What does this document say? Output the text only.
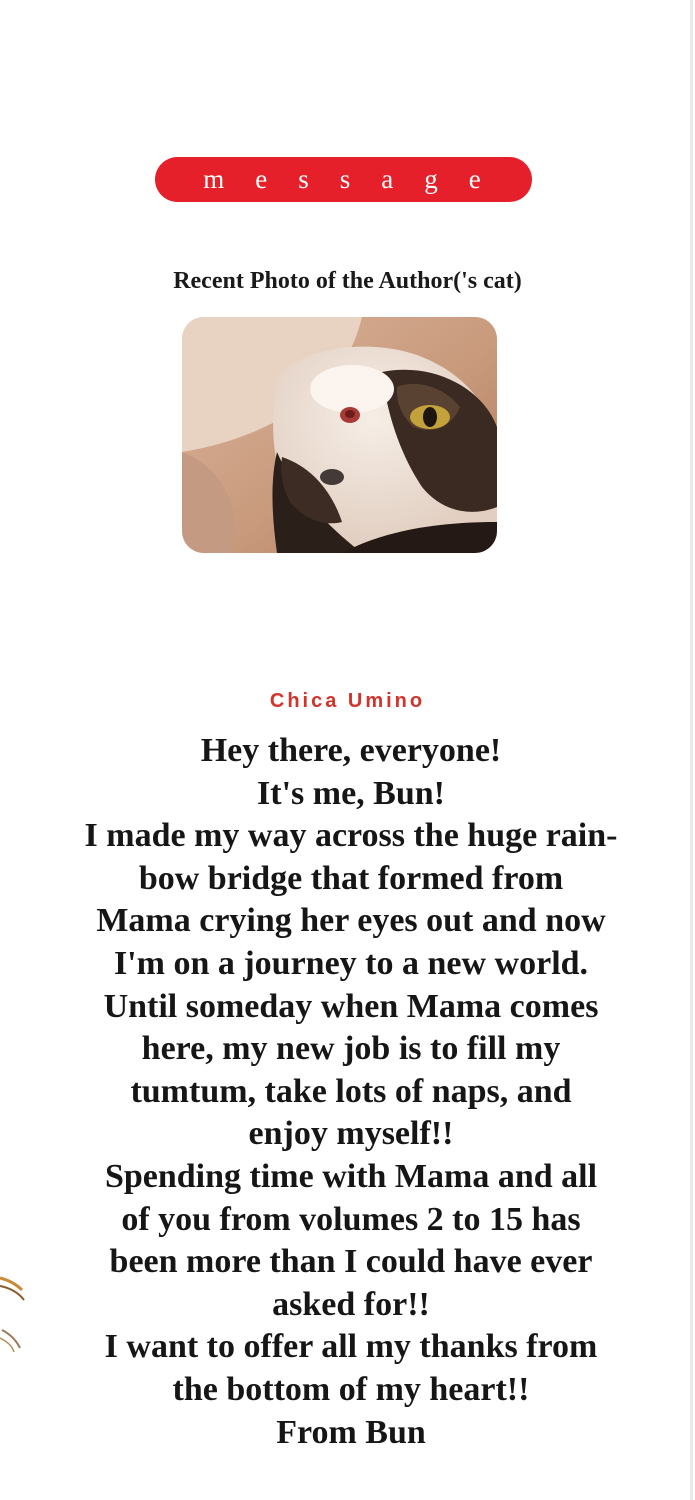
message
Recent Photo of the Author('s cat)
Chica Umino
Hey there, everyone!
It's me, Bun!
I made my way across the huge rain-
bow bridge that formed from
Mama crying her eyes out and now
I'm on a journey to a new world.
Until someday when Mama comes
here, my new job is to fill my
tumtum, take lots of naps, and
enjoy myself!!
Spending time with Mama and all
of you from volumes 2 to 15 has
been more than I could have ever
asked for!!
I want to offer all my thanks from
the bottom of my heart!!
From Bun
